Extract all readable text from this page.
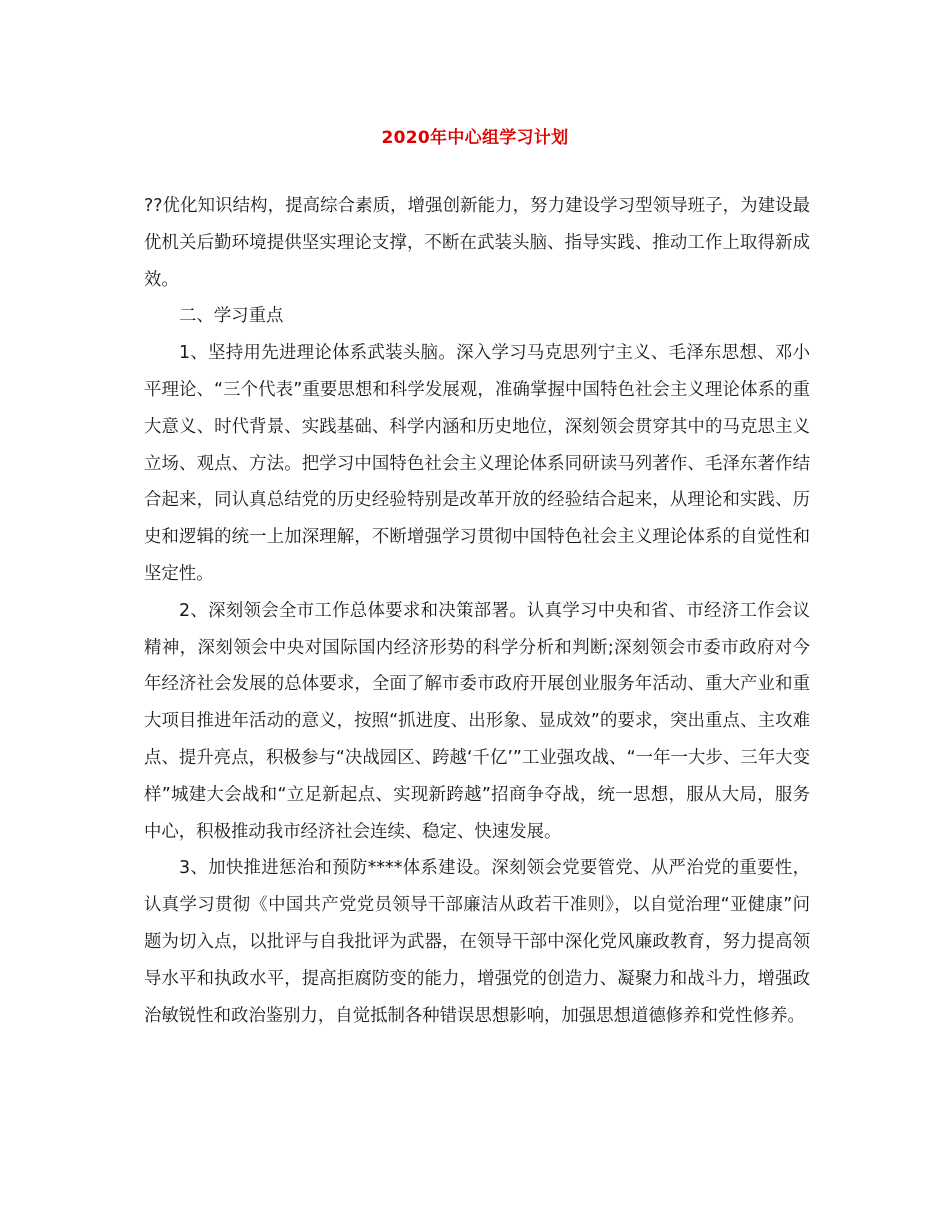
2020年中心组学习计划

??优化知识结构，提高综合素质，增强创新能力，努力建设学习型领导班子，为建设最优机关后勤环境提供坚实理论支撑，不断在武装头脑、指导实践、推动工作上取得新成效。

二、学习重点

1、坚持用先进理论体系武装头脑。深入学习马克思列宁主义、毛泽东思想、邓小平理论、“三个代表”重要思想和科学发展观，准确掌握中国特色社会主义理论体系的重大意义、时代背景、实践基础、科学内涵和历史地位，深刻领会贯穿其中的马克思主义立场、观点、方法。把学习中国特色社会主义理论体系同研读马列著作、毛泽东著作结合起来，同认真总结党的历史经验特别是改革开放的经验结合起来，从理论和实践、历史和逻辑的统一上加深理解，不断增强学习贯彻中国特色社会主义理论体系的自觉性和坚定性。

2、深刻领会全市工作总体要求和决策部署。认真学习中央和省、市经济工作会议精神，深刻领会中央对国际国内经济形势的科学分析和判断;深刻领会市委市政府对今年经济社会发展的总体要求，全面了解市委市政府开展创业服务年活动、重大产业和重大项目推进年活动的意义，按照“抓进度、出形象、显成效”的要求，突出重点、主攻难点、提升亮点，积极参与“决战园区、跨越‘千亿’”工业强攻战、“一年一大步、三年大变样”城建大会战和“立足新起点、实现新跨越”招商争夺战，统一思想，服从大局，服务中心，积极推动我市经济社会连续、稳定、快速发展。

3、加快推进惩治和预防****体系建设。深刻领会党要管党、从严治党的重要性，认真学习贯彻《中国共产党党员领导干部廉洁从政若干准则》，以自觉治理“亚健康”问题为切入点，以批评与自我批评为武器，在领导干部中深化党风廉政教育，努力提高领导水平和执政水平，提高拒腐防变的能力，增强党的创造力、凝聚力和战斗力，增强政治敏锐性和政治鉴别力，自觉抵制各种错误思想影响，加强思想道德修养和党性修养。
